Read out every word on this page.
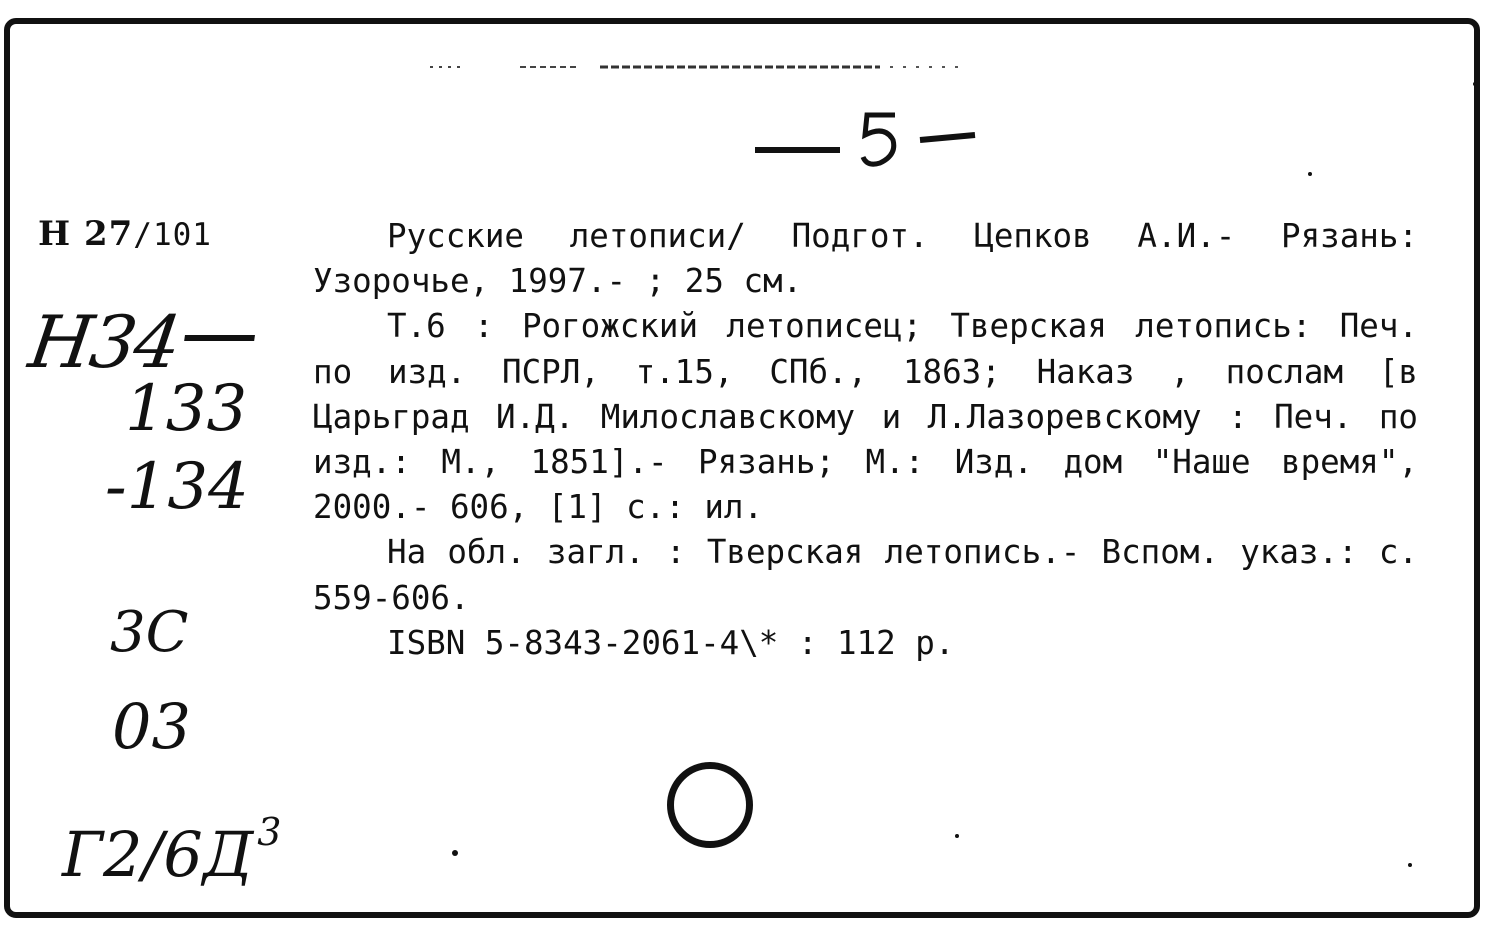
Н 27/101
Н34
133
-134
3С
03
Г2/6Д $^3$

Русские летописи/ Подгот. Цепков А.И.- Рязань: Узорочье, 1997.- ; 25 см.

Т.6 : Рогожский летописец; Тверская летопись: Печ. по изд. ПСРЛ, т.15, СПб., 1863; Наказ , послам [в Царьград И.Д. Милославскому и Л.Лазоревскому : Печ. по изд.: М., 1851].- Рязань; М.: Изд. дом "Наше время", 2000.- 606, [1] с.: ил.

На обл. загл. : Тверская летопись.- Вспом. указ.: с. 559-606.

ISBN 5-8343-2061-4\* : 112 р.
